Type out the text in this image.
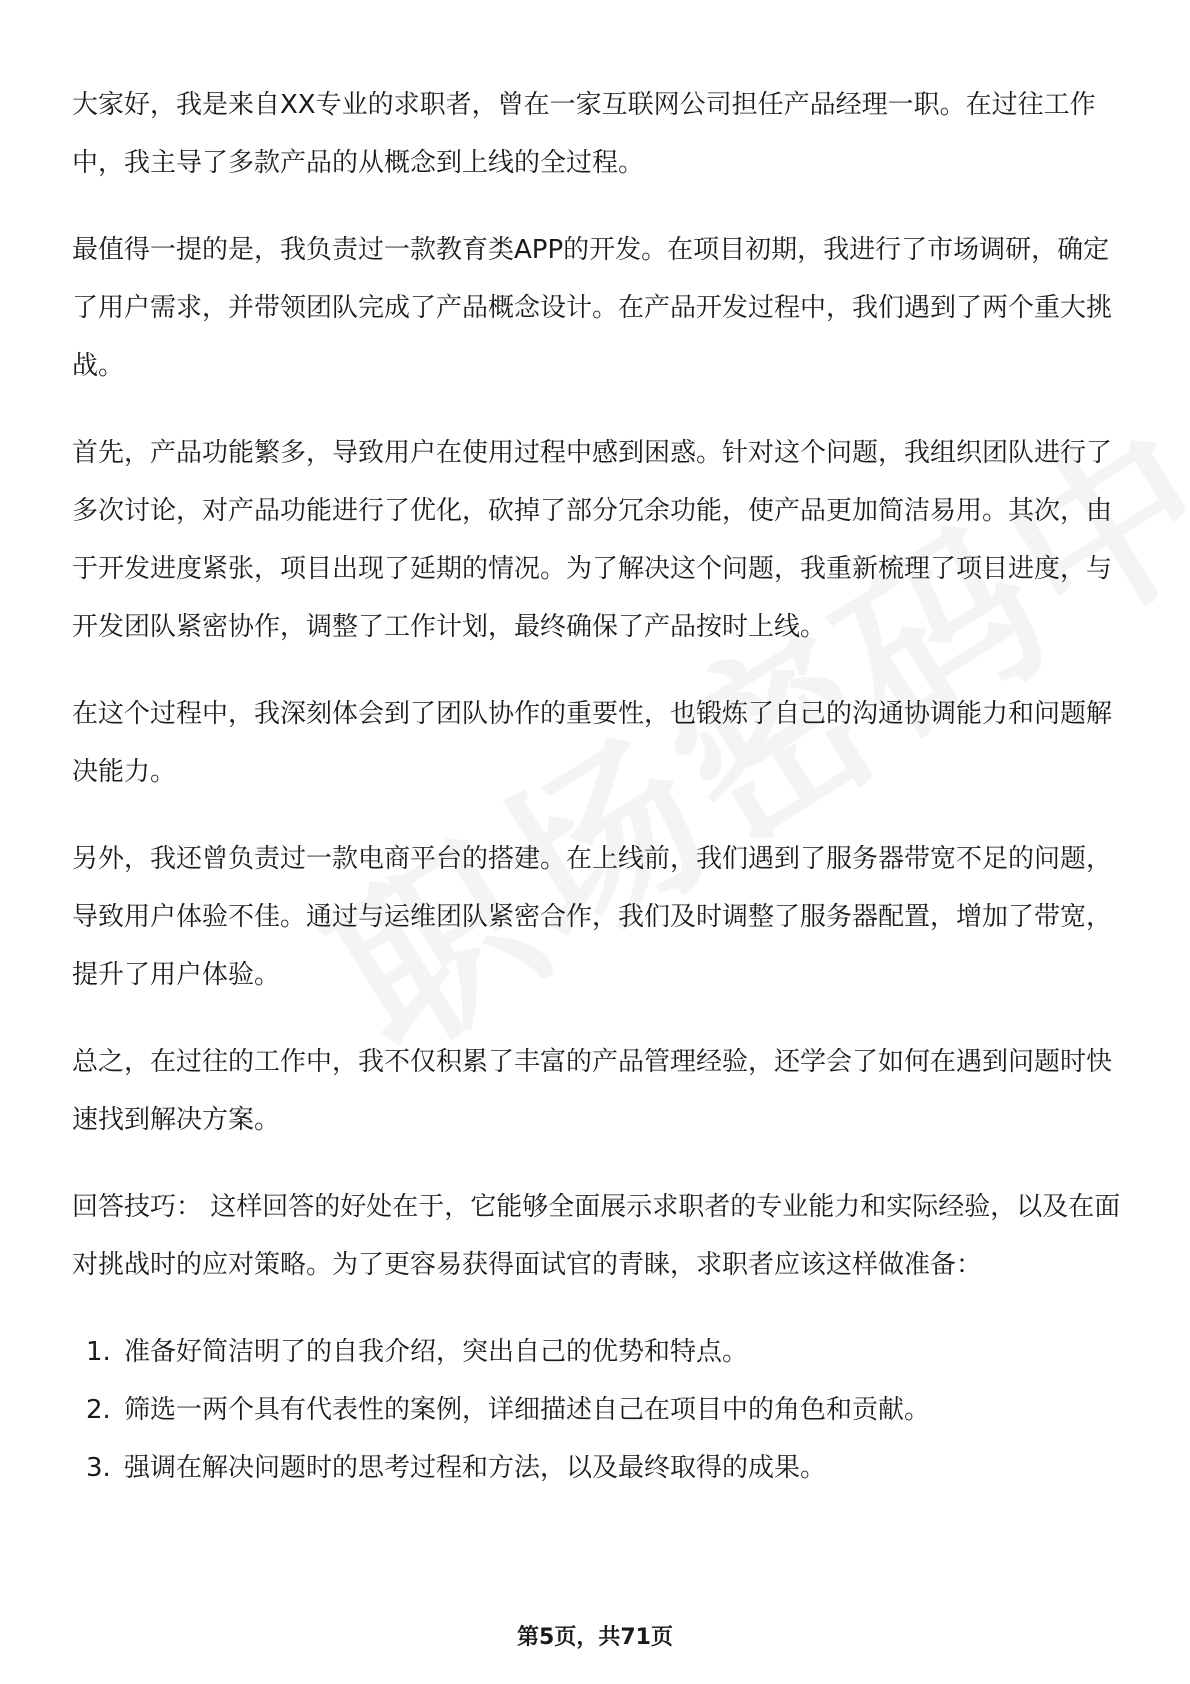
大家好，我是来自XX专业的求职者，曾在一家互联网公司担任产品经理一职。在过往工作中，我主导了多款产品的从概念到上线的全过程。

最值得一提的是，我负责过一款教育类APP的开发。在项目初期，我进行了市场调研，确定了用户需求，并带领团队完成了产品概念设计。在产品开发过程中，我们遇到了两个重大挑战。

首先，产品功能繁多，导致用户在使用过程中感到困惑。针对这个问题，我组织团队进行了多次讨论，对产品功能进行了优化，砍掉了部分冗余功能，使产品更加简洁易用。其次，由于开发进度紧张，项目出现了延期的情况。为了解决这个问题，我重新梳理了项目进度，与开发团队紧密协作，调整了工作计划，最终确保了产品按时上线。

在这个过程中，我深刻体会到了团队协作的重要性，也锻炼了自己的沟通协调能力和问题解决能力。

另外，我还曾负责过一款电商平台的搭建。在上线前，我们遇到了服务器带宽不足的问题，导致用户体验不佳。通过与运维团队紧密合作，我们及时调整了服务器配置，增加了带宽，提升了用户体验。

总之，在过往的工作中，我不仅积累了丰富的产品管理经验，还学会了如何在遇到问题时快速找到解决方案。

回答技巧： 这样回答的好处在于，它能够全面展示求职者的专业能力和实际经验，以及在面对挑战时的应对策略。为了更容易获得面试官的青睐，求职者应该这样做准备：

1. 准备好简洁明了的自我介绍，突出自己的优势和特点。
2. 筛选一两个具有代表性的案例，详细描述自己在项目中的角色和贡献。
3. 强调在解决问题时的思考过程和方法，以及最终取得的成果。
第5页，共71页
